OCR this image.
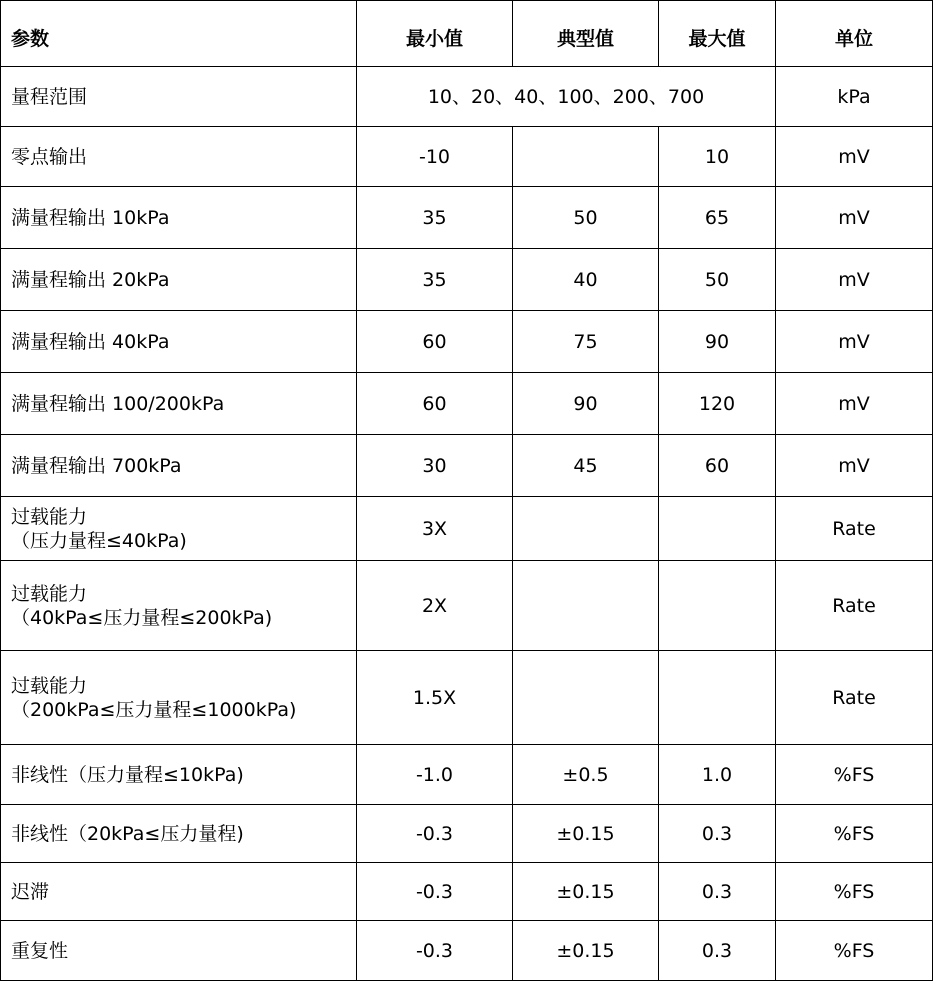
参数	最小值	典型值	最大值	单位
量程范围	10、20、40、100、200、700			kPa
零点输出	-10		10	mV
满量程输出 10kPa	35	50	65	mV
满量程输出 20kPa	35	40	50	mV
满量程输出 40kPa	60	75	90	mV
满量程输出 100/200kPa	60	90	120	mV
满量程输出 700kPa	30	45	60	mV

过载能力
（压力量程≤40kPa)	3X			Rate

过载能力
（40kPa≤压力量程≤200kPa)	2X			Rate

过载能力
（200kPa≤压力量程≤1000kPa)	1.5X			Rate
非线性（压力量程≤10kPa)	-1.0	±0.5	1.0	%FS
非线性（20kPa≤压力量程)	-0.3	±0.15	0.3	%FS
迟滞	-0.3	±0.15	0.3	%FS
重复性	-0.3	±0.15	0.3	%FS
